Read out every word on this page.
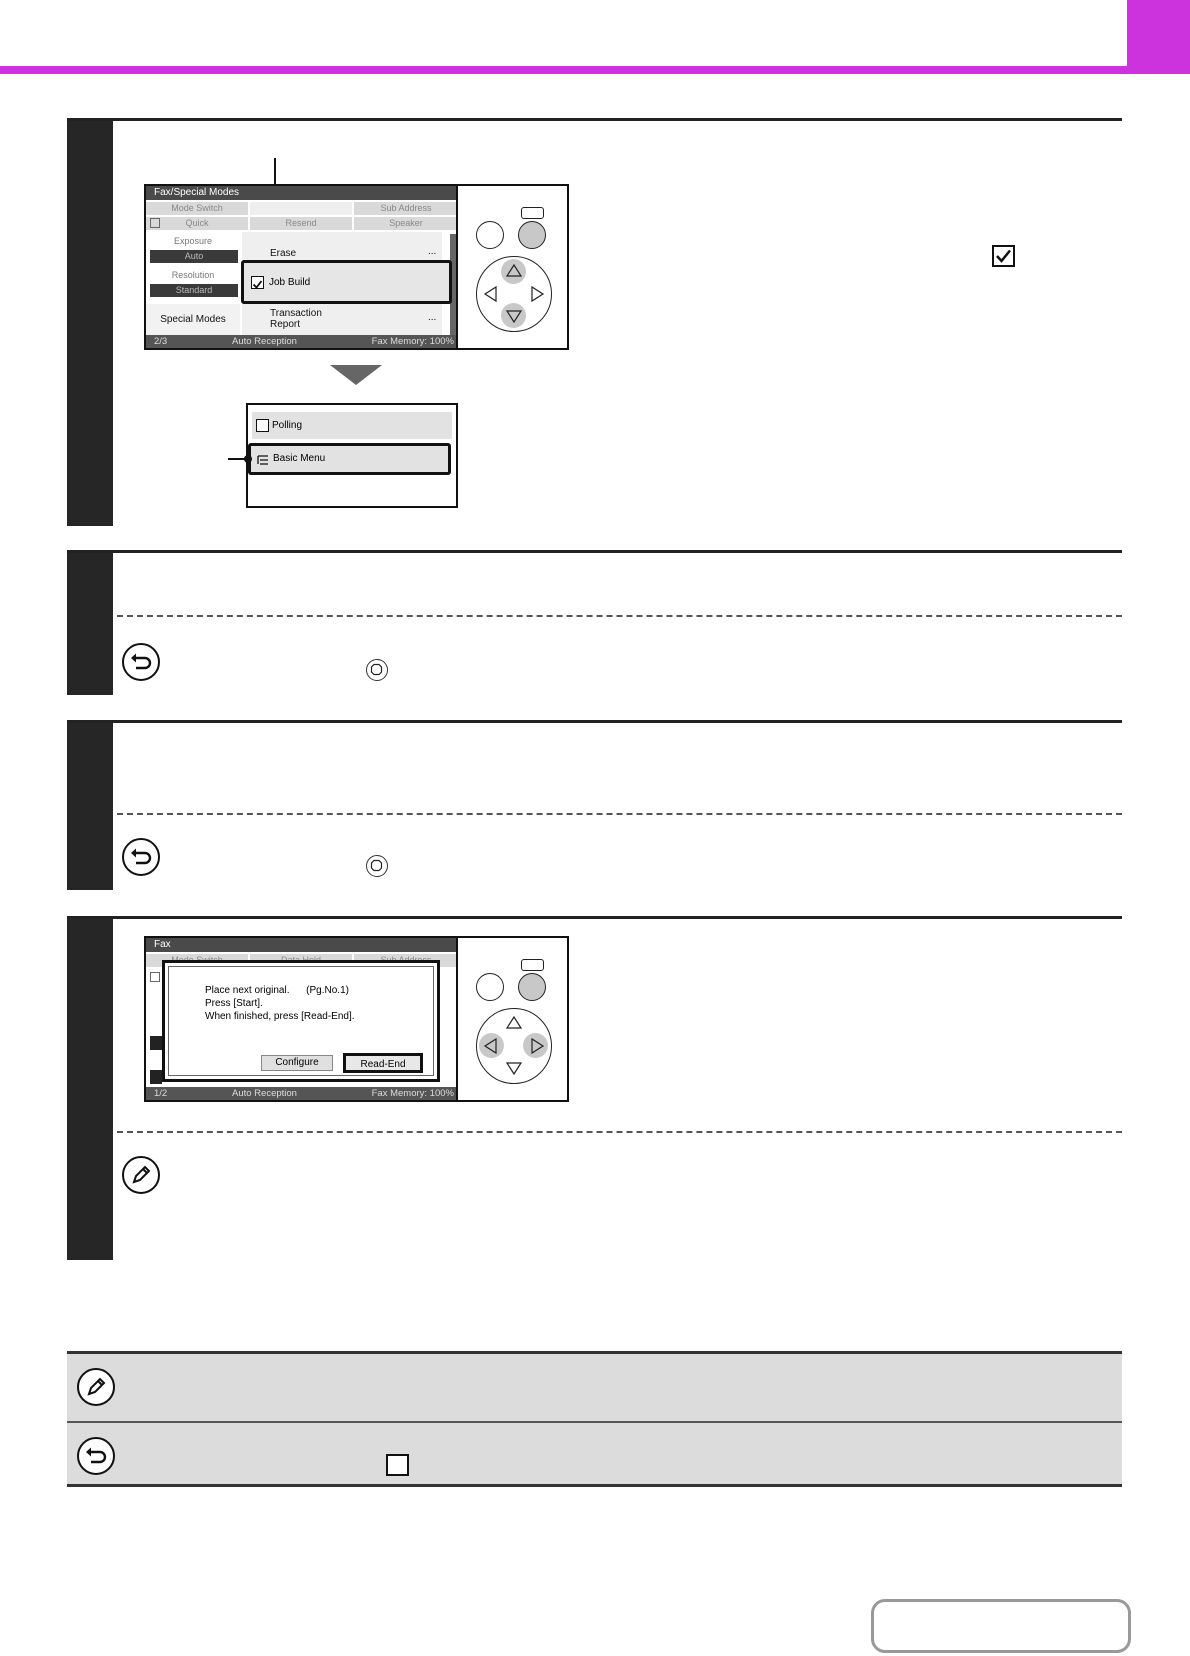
Fax/Special Modes
Mode Switch	Sub Address
Quick	Resend	Speaker
Exposure
Auto
Resolution
Standard
Special Modes
Erase	...
Transaction
Report
...
2/3	Auto Reception	Fax Memory: 100%
Job Build
Polling
Basic Menu
Fax
1/2	Auto Reception	Fax Memory: 100%
Place next original.      (Pg.No.1)
Press [Start].
When finished, press [Read-End].
Configure	Read-End
